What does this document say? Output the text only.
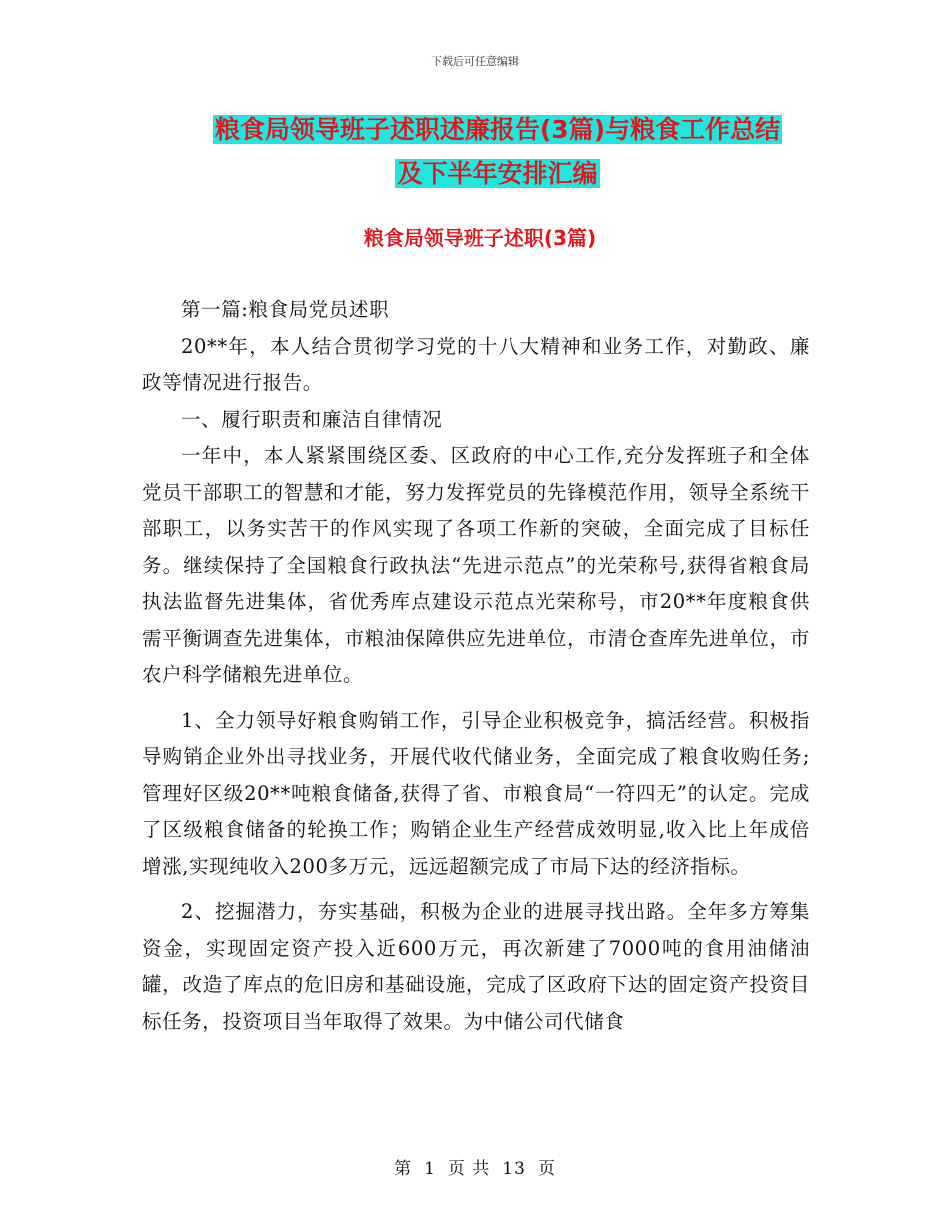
下载后可任意编辑
粮食局领导班子述职述廉报告(3篇)与粮食工作总结
及下半年安排汇编
粮食局领导班子述职(3篇)

第一篇:粮食局党员述职

20**年，本人结合贯彻学习党的十八大精神和业务工作，对勤政、廉政等情况进行报告。

一、履行职责和廉洁自律情况

一年中，本人紧紧围绕区委、区政府的中心工作,充分发挥班子和全体党员干部职工的智慧和才能，努力发挥党员的先锋模范作用，领导全系统干部职工，以务实苦干的作风实现了各项工作新的突破，全面完成了目标任务。继续保持了全国粮食行政执法“先进示范点”的光荣称号,获得省粮食局执法监督先进集体，省优秀库点建设示范点光荣称号，市20**年度粮食供需平衡调查先进集体，市粮油保障供应先进单位，市清仓查库先进单位，市农户科学储粮先进单位。

1、全力领导好粮食购销工作，引导企业积极竞争，搞活经营。积极指导购销企业外出寻找业务，开展代收代储业务，全面完成了粮食收购任务;管理好区级20**吨粮食储备,获得了省、市粮食局“一符四无”的认定。完成了区级粮食储备的轮换工作；购销企业生产经营成效明显,收入比上年成倍增涨,实现纯收入200多万元，远远超额完成了市局下达的经济指标。

2、挖掘潜力，夯实基础，积极为企业的进展寻找出路。全年多方筹集资金，实现固定资产投入近600万元，再次新建了7000吨的食用油储油罐，改造了库点的危旧房和基础设施，完成了区政府下达的固定资产投资目标任务，投资项目当年取得了效果。为中储公司代储食

第 1 页 共 13 页
